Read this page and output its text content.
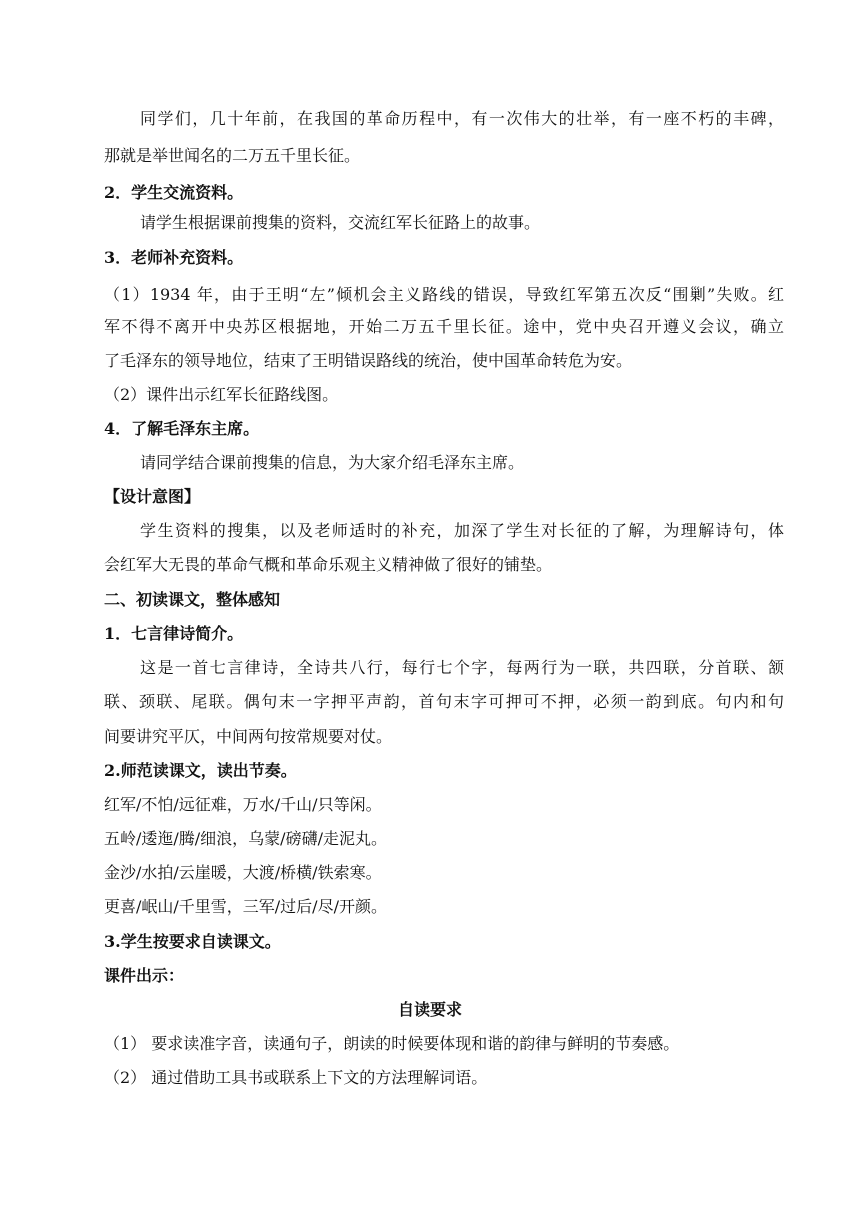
同学们，几十年前，在我国的革命历程中，有一次伟大的壮举，有一座不朽的丰碑，
那就是举世闻名的二万五千里长征。
2．学生交流资料。
请学生根据课前搜集的资料，交流红军长征路上的故事。
3．老师补充资料。
（1）1934 年，由于王明“左”倾机会主义路线的错误，导致红军第五次反“围剿”失败。红
军不得不离开中央苏区根据地，开始二万五千里长征。途中，党中央召开遵义会议，确立
了毛泽东的领导地位，结束了王明错误路线的统治，使中国革命转危为安。
（2）课件出示红军长征路线图。
4．了解毛泽东主席。
请同学结合课前搜集的信息，为大家介绍毛泽东主席。
【设计意图】
学生资料的搜集，以及老师适时的补充，加深了学生对长征的了解，为理解诗句，体
会红军大无畏的革命气概和革命乐观主义精神做了很好的铺垫。
二、初读课文，整体感知
1．七言律诗简介。
这是一首七言律诗，全诗共八行，每行七个字，每两行为一联，共四联，分首联、颔
联、颈联、尾联。偶句末一字押平声韵，首句末字可押可不押，必须一韵到底。句内和句
间要讲究平仄，中间两句按常规要对仗。
2.师范读课文，读出节奏。
红军/不怕/远征难，万水/千山/只等闲。
五岭/逶迤/腾/细浪，乌蒙/磅礴/走泥丸。
金沙/水拍/云崖暖，大渡/桥横/铁索寒。
更喜/岷山/千里雪，三军/过后/尽/开颜。
3.学生按要求自读课文。
课件出示：
自读要求
（1） 要求读准字音，读通句子，朗读的时候要体现和谐的韵律与鲜明的节奏感。
（2） 通过借助工具书或联系上下文的方法理解词语。
